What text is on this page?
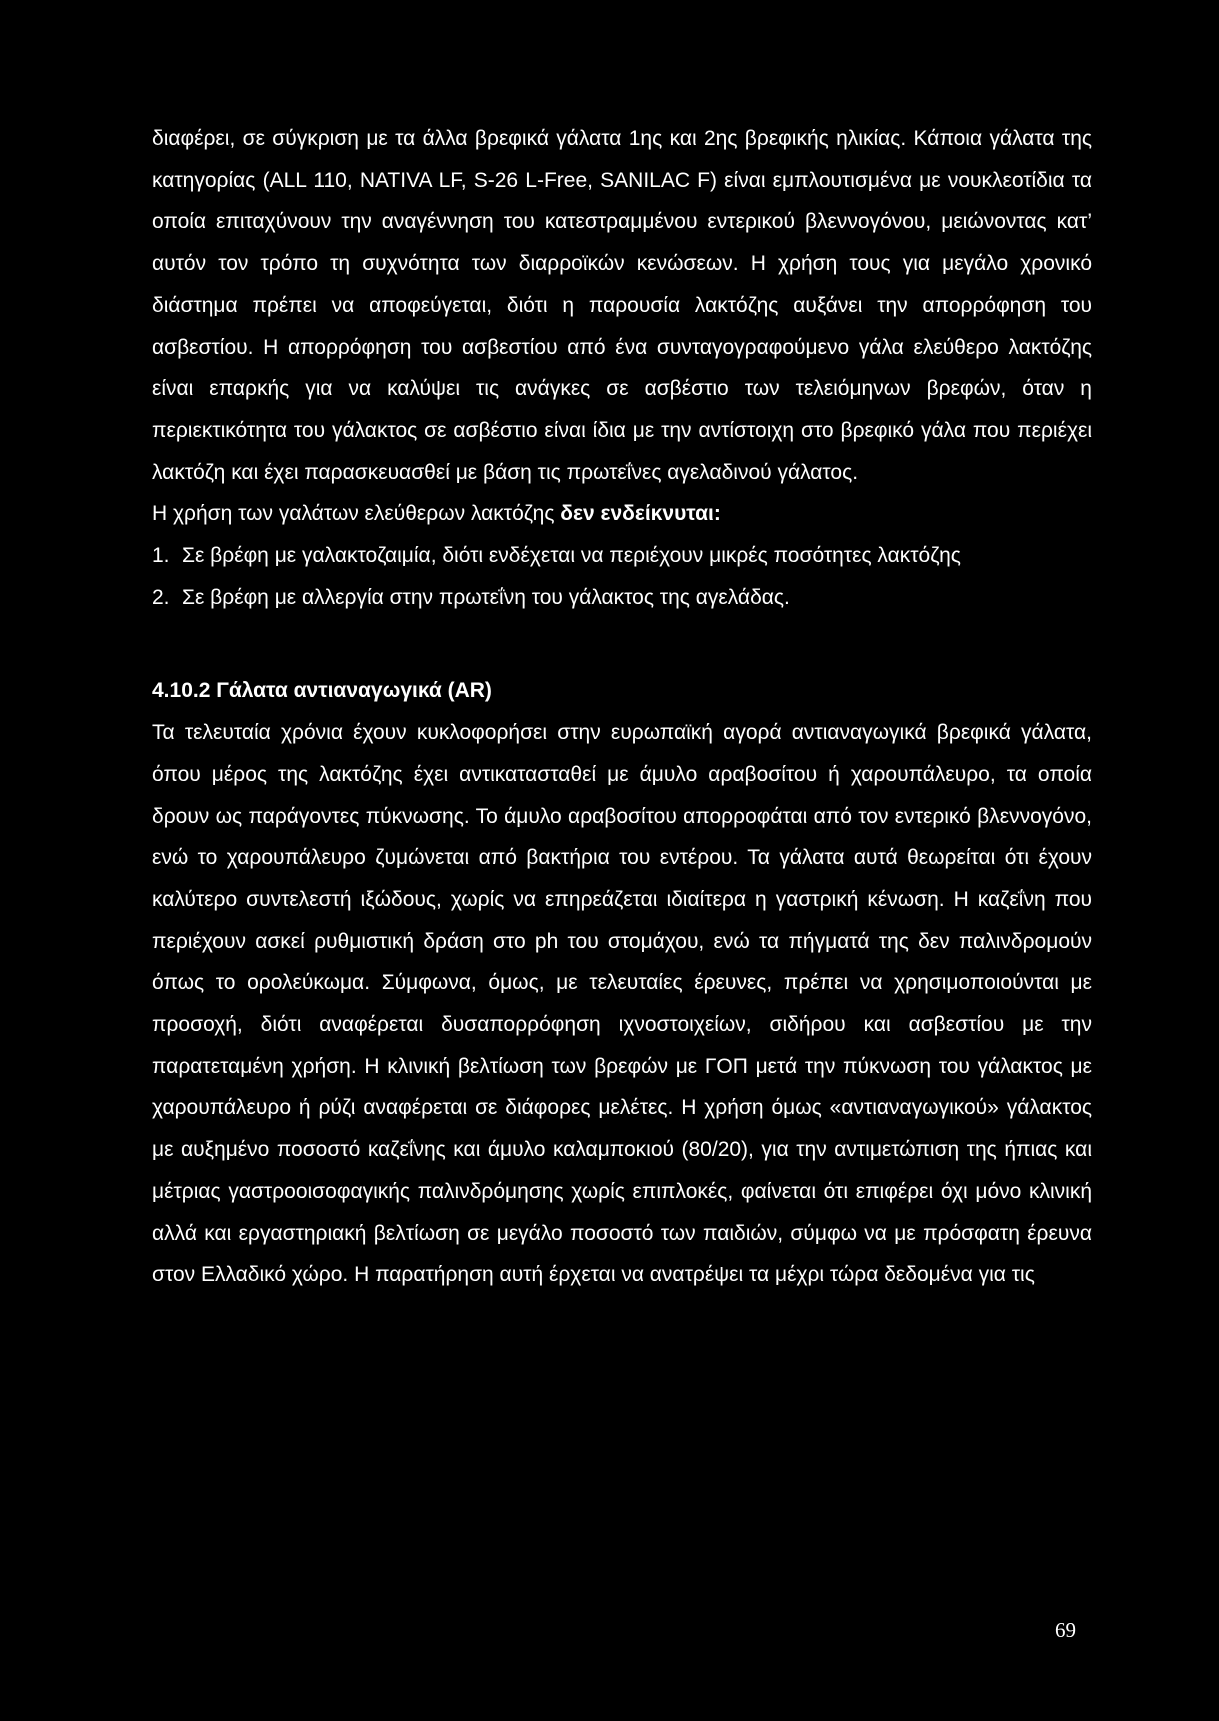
διαφέρει, σε σύγκριση με τα άλλα βρεφικά γάλατα 1ης και 2ης βρεφικής ηλικίας. Κάποια γάλατα της κατηγορίας (ALL 110, NATIVA LF, S-26 L-Free, SANILAC F) είναι εμπλουτισμένα με νουκλεοτίδια τα οποία επιταχύνουν την αναγέννηση του κατεστραμμένου εντερικού βλεννογόνου, μειώνοντας κατ’ αυτόν τον τρόπο τη συχνότητα των διαρροϊκών κενώσεων. Η χρήση τους για μεγάλο χρονικό διάστημα πρέπει να αποφεύγεται, διότι η παρουσία λακτόζης αυξάνει την απορρόφηση του ασβεστίου. Η απορρόφηση του ασβεστίου από ένα συνταγογραφούμενο γάλα ελεύθερο λακτόζης είναι επαρκής για να καλύψει τις ανάγκες σε ασβέστιο των τελειόμηνων βρεφών, όταν η περιεκτικότητα του γάλακτος σε ασβέστιο είναι ίδια με την αντίστοιχη στο βρεφικό γάλα που περιέχει λακτόζη και έχει παρασκευασθεί με βάση τις πρωτεΐνες αγελαδινού γάλατος.

Η χρήση των γαλάτων ελεύθερων λακτόζης δεν ενδείκνυται:

1. Σε βρέφη με γαλακτοζαιμία, διότι ενδέχεται να περιέχουν μικρές ποσότητες λακτόζης
2. Σε βρέφη με αλλεργία στην πρωτεΐνη του γάλακτος της αγελάδας.
4.10.2 Γάλατα αντιαναγωγικά (AR)

Τα τελευταία χρόνια έχουν κυκλοφορήσει στην ευρωπαϊκή αγορά αντιαναγωγικά βρεφικά γάλατα, όπου μέρος της λακτόζης έχει αντικατασταθεί με άμυλο αραβοσίτου ή χαρουπάλευρο, τα οποία δρουν ως παράγοντες πύκνωσης. Το άμυλο αραβοσίτου απορροφάται από τον εντερικό βλεννογόνο, ενώ το χαρουπάλευρο ζυμώνεται από βακτήρια του εντέρου. Τα γάλατα αυτά θεωρείται ότι έχουν καλύτερο συντελεστή ιξώδους, χωρίς να επηρεάζεται ιδιαίτερα η γαστρική κένωση. Η καζεΐνη που περιέχουν ασκεί ρυθμιστική δράση στο ph του στομάχου, ενώ τα πήγματά της δεν παλινδρομούν όπως το ορολεύκωμα. Σύμφωνα, όμως, με τελευταίες έρευνες, πρέπει να χρησιμοποιούνται με προσοχή, διότι αναφέρεται δυσαπορρόφηση ιχνοστοιχείων, σιδήρου και ασβεστίου με την παρατεταμένη χρήση. Η κλινική βελτίωση των βρεφών με ΓΟΠ μετά την πύκνωση του γάλακτος με χαρουπάλευρο ή ρύζι αναφέρεται σε διάφορες μελέτες. Η χρήση όμως «αντιαναγωγικού» γάλακτος με αυξημένο ποσοστό καζεΐνης και άμυλο καλαμποκιού (80/20), για την αντιμετώπιση της ήπιας και μέτριας γαστροοισοφαγικής παλινδρόμησης χωρίς επιπλοκές, φαίνεται ότι επιφέρει όχι μόνο κλινική αλλά και εργαστηριακή βελτίωση σε μεγάλο ποσοστό των παιδιών, σύμφω να με πρόσφατη έρευνα στον Ελλαδικό χώρο. Η παρατήρηση αυτή έρχεται να ανατρέψει τα μέχρι τώρα δεδομένα για τις

69
